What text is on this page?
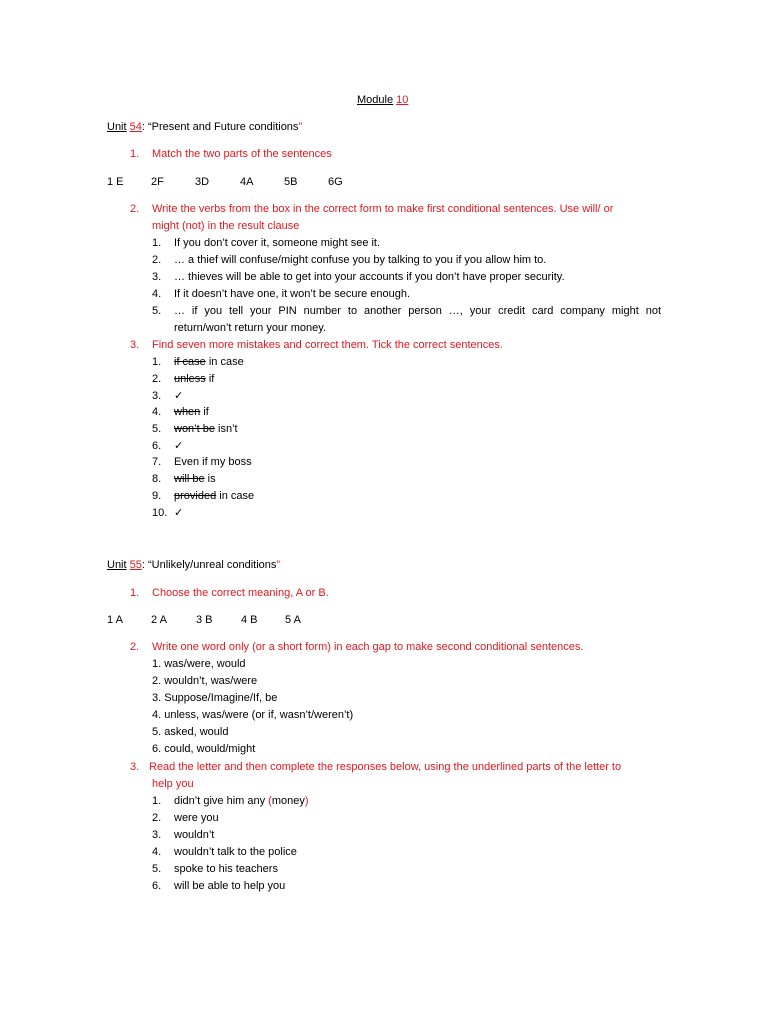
Module 10
Unit 54: “Present and Future conditions”
1. Match the two parts of the sentences
1 E 2F	3D	4A	5B	6G
2. Write the verbs from the box in the correct form to make first conditional sentences. Use will/ or
might (not) in the result clause
1. If you don’t cover it, someone might see it.
2. … a thief will confuse/might confuse you by talking to you if you allow him to.
3. … thieves will be able to get into your accounts if you don’t have proper security.
4. If it doesn’t have one, it won’t be secure enough.
5. … if you tell your PIN number to another person …, your credit card company might not
return/won’t return your money.
3. Find seven more mistakes and correct them. Tick the correct sentences.
1. if case in case
2. unless if
3. ✓
4. when if
5. won’t be isn’t
6. ✓
7. Even if my boss
8. will be is
9. provided in case
10. ✓
Unit 55: “Unlikely/unreal conditions”
1. Choose the correct meaning, A or B.
1 A	2 A	3 B	4 B 5 A
2. Write one word only (or a short form) in each gap to make second conditional sentences.
1. was/were, would
2. wouldn’t, was/were
3. Suppose/Imagine/If, be
4. unless, was/were (or if, wasn’t/weren’t)
5. asked, would
6. could, would/might
3. Read the letter and then complete the responses below, using the underlined parts of the letter to
help you
1. didn’t give him any (money)
2. were you
3. wouldn’t
4. wouldn’t talk to the police
5. spoke to his teachers
6. will be able to help you
